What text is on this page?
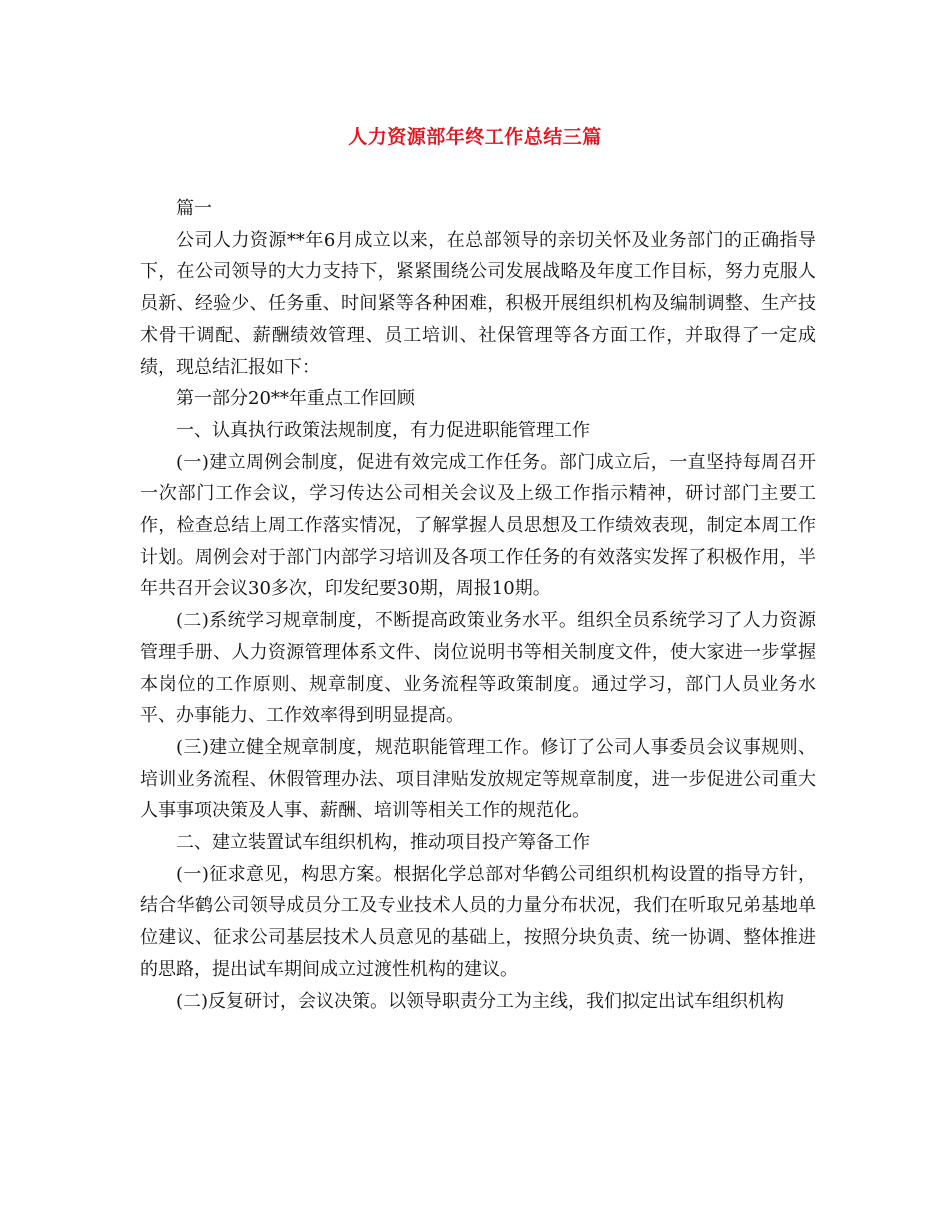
人力资源部年终工作总结三篇

篇一

公司人力资源**年6月成立以来，在总部领导的亲切关怀及业务部门的正确指导下，在公司领导的大力支持下，紧紧围绕公司发展战略及年度工作目标，努力克服人员新、经验少、任务重、时间紧等各种困难，积极开展组织机构及编制调整、生产技术骨干调配、薪酬绩效管理、员工培训、社保管理等各方面工作，并取得了一定成绩，现总结汇报如下：

第一部分20**年重点工作回顾

一、认真执行政策法规制度，有力促进职能管理工作

(一)建立周例会制度，促进有效完成工作任务。部门成立后，一直坚持每周召开一次部门工作会议，学习传达公司相关会议及上级工作指示精神，研讨部门主要工作，检查总结上周工作落实情况，了解掌握人员思想及工作绩效表现，制定本周工作计划。周例会对于部门内部学习培训及各项工作任务的有效落实发挥了积极作用，半年共召开会议30多次，印发纪要30期，周报10期。

(二)系统学习规章制度，不断提高政策业务水平。组织全员系统学习了人力资源管理手册、人力资源管理体系文件、岗位说明书等相关制度文件，使大家进一步掌握本岗位的工作原则、规章制度、业务流程等政策制度。通过学习，部门人员业务水平、办事能力、工作效率得到明显提高。

(三)建立健全规章制度，规范职能管理工作。修订了公司人事委员会议事规则、培训业务流程、休假管理办法、项目津贴发放规定等规章制度，进一步促进公司重大人事事项决策及人事、薪酬、培训等相关工作的规范化。

二、建立装置试车组织机构，推动项目投产筹备工作

(一)征求意见，构思方案。根据化学总部对华鹤公司组织机构设置的指导方针，结合华鹤公司领导成员分工及专业技术人员的力量分布状况，我们在听取兄弟基地单位建议、征求公司基层技术人员意见的基础上，按照分块负责、统一协调、整体推进的思路，提出试车期间成立过渡性机构的建议。

(二)反复研讨，会议决策。以领导职责分工为主线，我们拟定出试车组织机构
